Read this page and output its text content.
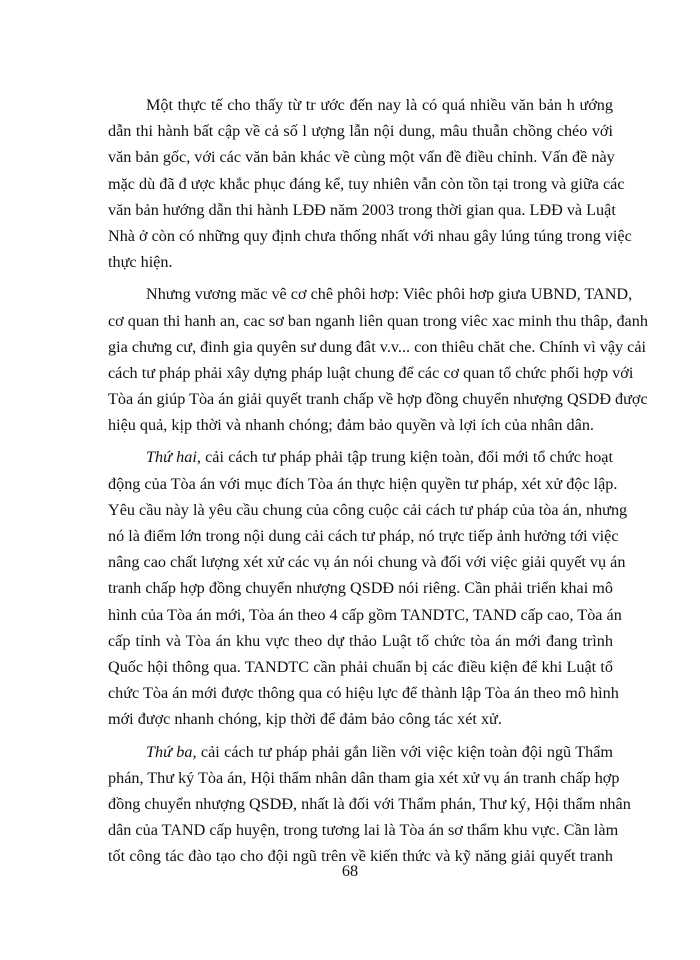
Một thực tế cho thấy từ tr ước đến nay là có quá nhiều văn bản h ướng
dẫn thi hành bất cập về cả số l ượng lẫn nội dung, mâu thuẫn chồng chéo với
văn bản gốc, với các văn bản khác về cùng một vấn đề điều chỉnh. Vấn đề này
mặc dù đã đ ược khắc phục đáng kể, tuy nhiên vẫn còn tồn tại trong và giữa các
văn bản hướng dẫn thi hành LĐĐ năm 2003 trong thời gian qua. LĐĐ và Luật
Nhà ở còn có những quy định chưa thống nhất với nhau gây lúng túng trong việc
thực hiện.
Nhưng vương măc vê cơ chê phôi hơp: Viêc phôi hơp giưa UBND, TAND,
cơ quan thi hanh an, cac sơ ban nganh liên quan trong viêc xac minh thu thâp, đanh
gia chưng cư, đinh gia quyên sư dung đât v.v... con thiêu chăt che. Chính vì vậy cải
cách tư pháp phải xây dựng pháp luật chung để các cơ quan tổ chức phối hợp với
Tòa án giúp Tòa án giải quyết tranh chấp về hợp đồng chuyển nhượng QSDĐ được
hiệu quả, kịp thời và nhanh chóng; đảm bảo quyền và lợi ích của nhân dân.
Thứ hai, cải cách tư pháp phải tập trung kiện toàn, đổi mới tổ chức hoạt
động của Tòa án với mục đích Tòa án thực hiện quyền tư pháp, xét xử độc lập.
Yêu cầu này là yêu cầu chung của công cuộc cải cách tư pháp của tòa án, nhưng
nó là điểm lớn trong nội dung cải cách tư pháp, nó trực tiếp ảnh hưởng tới việc
nâng cao chất lượng xét xử các vụ án nói chung và đối với việc giải quyết vụ án
tranh chấp hợp đồng chuyển nhượng QSDĐ nói riêng. Cần phải triển khai mô
hình của Tòa án mới, Tòa án theo 4 cấp gồm TANDTC, TAND cấp cao, Tòa án
cấp tỉnh và Tòa án khu vực theo dự thảo Luật tổ chức tòa án mới đang trình
Quốc hội thông qua. TANDTC cần phải chuẩn bị các điều kiện để khi Luật tổ
chức Tòa án mới được thông qua có hiệu lực để thành lập Tòa án theo mô hình
mới được nhanh chóng, kịp thời để đảm bảo công tác xét xử.
Thứ ba, cải cách tư pháp phải gắn liền với việc kiện toàn đội ngũ Thẩm
phán, Thư ký Tòa án, Hội thẩm nhân dân tham gia xét xử vụ án tranh chấp hợp
đồng chuyển nhượng QSDĐ, nhất là đối với Thẩm phán, Thư ký, Hội thẩm nhân
dân của TAND cấp huyện, trong tương lai là Tòa án sơ thẩm khu vực. Cần làm
tốt công tác đào tạo cho đội ngũ trên về kiến thức và kỹ năng giải quyết tranh
68
